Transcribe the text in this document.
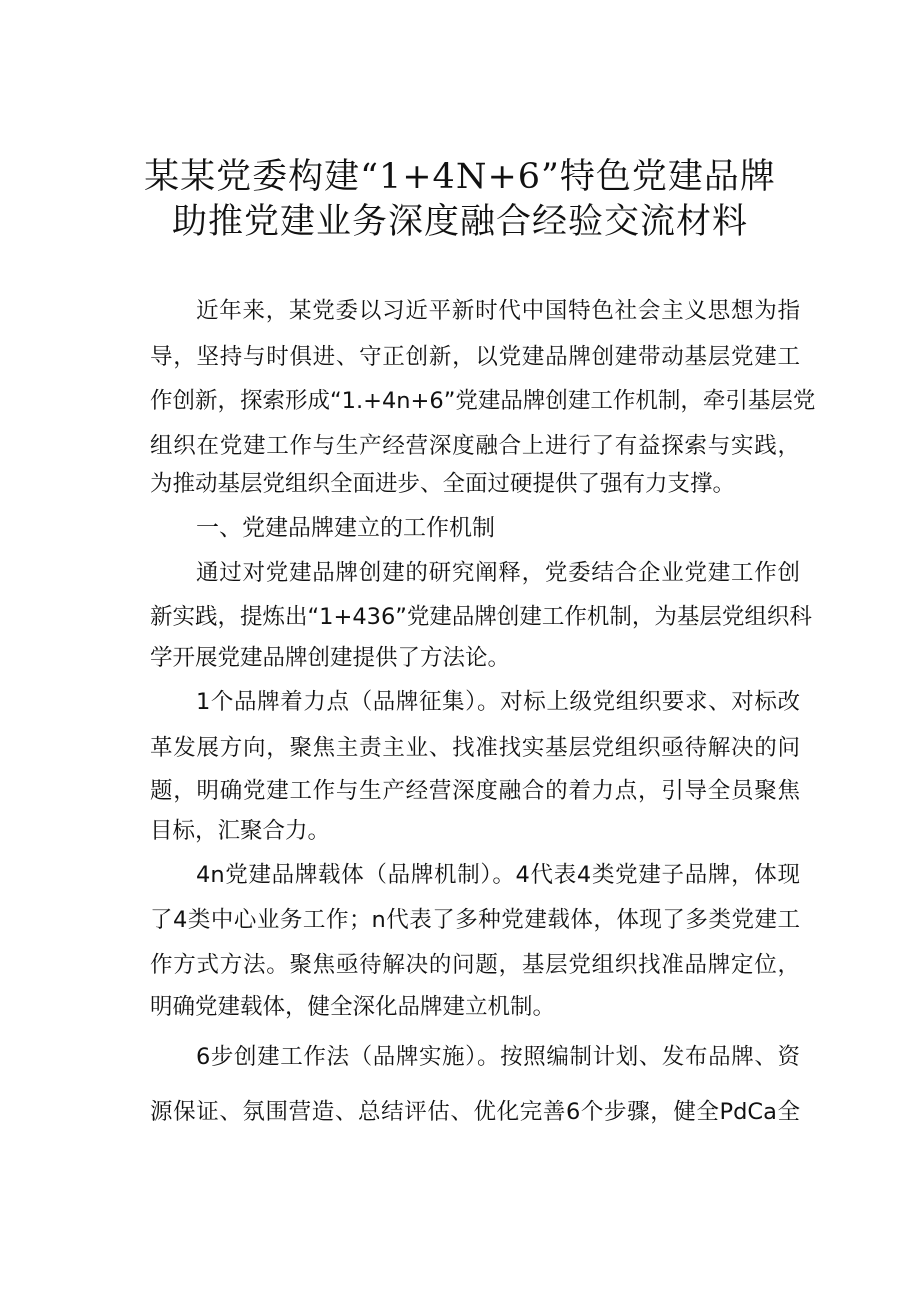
某某党委构建“1+4N+6”特色党建品牌
助推党建业务深度融合经验交流材料
近年来，某党委以习近平新时代中国特色社会主义思想为指
导，坚持与时俱进、守正创新，以党建品牌创建带动基层党建工
作创新，探索形成“1.+4n+6”党建品牌创建工作机制，牵引基层党
组织在党建工作与生产经营深度融合上进行了有益探索与实践，
为推动基层党组织全面进步、全面过硬提供了强有力支撑。
一、党建品牌建立的工作机制
通过对党建品牌创建的研究阐释，党委结合企业党建工作创
新实践，提炼出“1+436”党建品牌创建工作机制，为基层党组织科
学开展党建品牌创建提供了方法论。
1个品牌着力点（品牌征集）。对标上级党组织要求、对标改
革发展方向，聚焦主责主业、找准找实基层党组织亟待解决的问
题，明确党建工作与生产经营深度融合的着力点，引导全员聚焦
目标，汇聚合力。
4n党建品牌载体（品牌机制）。4代表4类党建子品牌，体现
了4类中心业务工作；n代表了多种党建载体，体现了多类党建工
作方式方法。聚焦亟待解决的问题，基层党组织找准品牌定位，
明确党建载体，健全深化品牌建立机制。
6步创建工作法（品牌实施）。按照编制计划、发布品牌、资
源保证、氛围营造、总结评估、优化完善6个步骤，健全PdCa全
